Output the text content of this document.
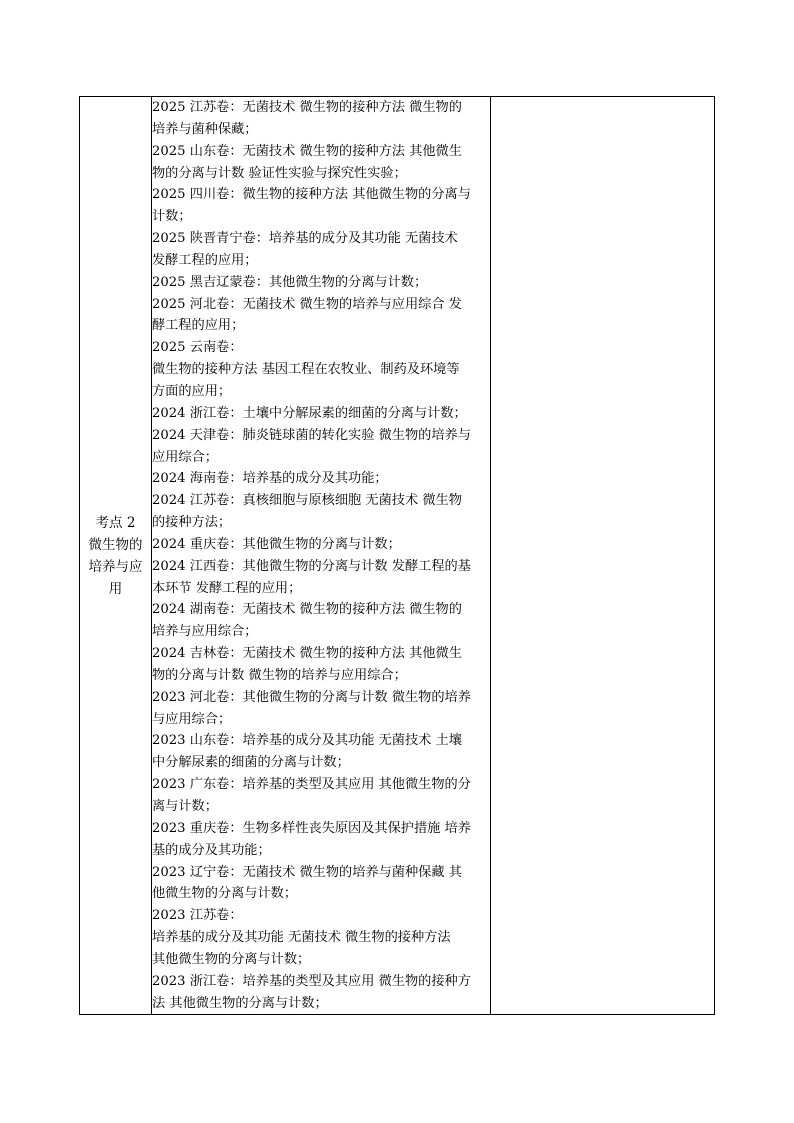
考点 2
微生物的
培养与应
用

2025 江苏卷：无菌技术 微生物的接种方法 微生物的
培养与菌种保藏；
2025 山东卷：无菌技术 微生物的接种方法 其他微生
物的分离与计数 验证性实验与探究性实验；
2025 四川卷：微生物的接种方法 其他微生物的分离与
计数；
2025 陕晋青宁卷：培养基的成分及其功能 无菌技术
发酵工程的应用；
2025 黑吉辽蒙卷：其他微生物的分离与计数；
2025 河北卷：无菌技术 微生物的培养与应用综合 发
酵工程的应用；
2025 云南卷：
微生物的接种方法 基因工程在农牧业、制药及环境等
方面的应用；
2024 浙江卷：土壤中分解尿素的细菌的分离与计数；
2024 天津卷：肺炎链球菌的转化实验 微生物的培养与
应用综合；
2024 海南卷：培养基的成分及其功能；
2024 江苏卷：真核细胞与原核细胞 无菌技术 微生物
的接种方法；
2024 重庆卷：其他微生物的分离与计数；
2024 江西卷：其他微生物的分离与计数 发酵工程的基
本环节 发酵工程的应用；
2024 湖南卷：无菌技术 微生物的接种方法 微生物的
培养与应用综合；
2024 吉林卷：无菌技术 微生物的接种方法 其他微生
物的分离与计数 微生物的培养与应用综合；
2023 河北卷：其他微生物的分离与计数 微生物的培养
与应用综合；
2023 山东卷：培养基的成分及其功能 无菌技术 土壤
中分解尿素的细菌的分离与计数；
2023 广东卷：培养基的类型及其应用 其他微生物的分
离与计数；
2023 重庆卷：生物多样性丧失原因及其保护措施 培养
基的成分及其功能；
2023 辽宁卷：无菌技术 微生物的培养与菌种保藏 其
他微生物的分离与计数；
2023 江苏卷：
培养基的成分及其功能 无菌技术 微生物的接种方法
其他微生物的分离与计数；
2023 浙江卷：培养基的类型及其应用 微生物的接种方
法 其他微生物的分离与计数；
